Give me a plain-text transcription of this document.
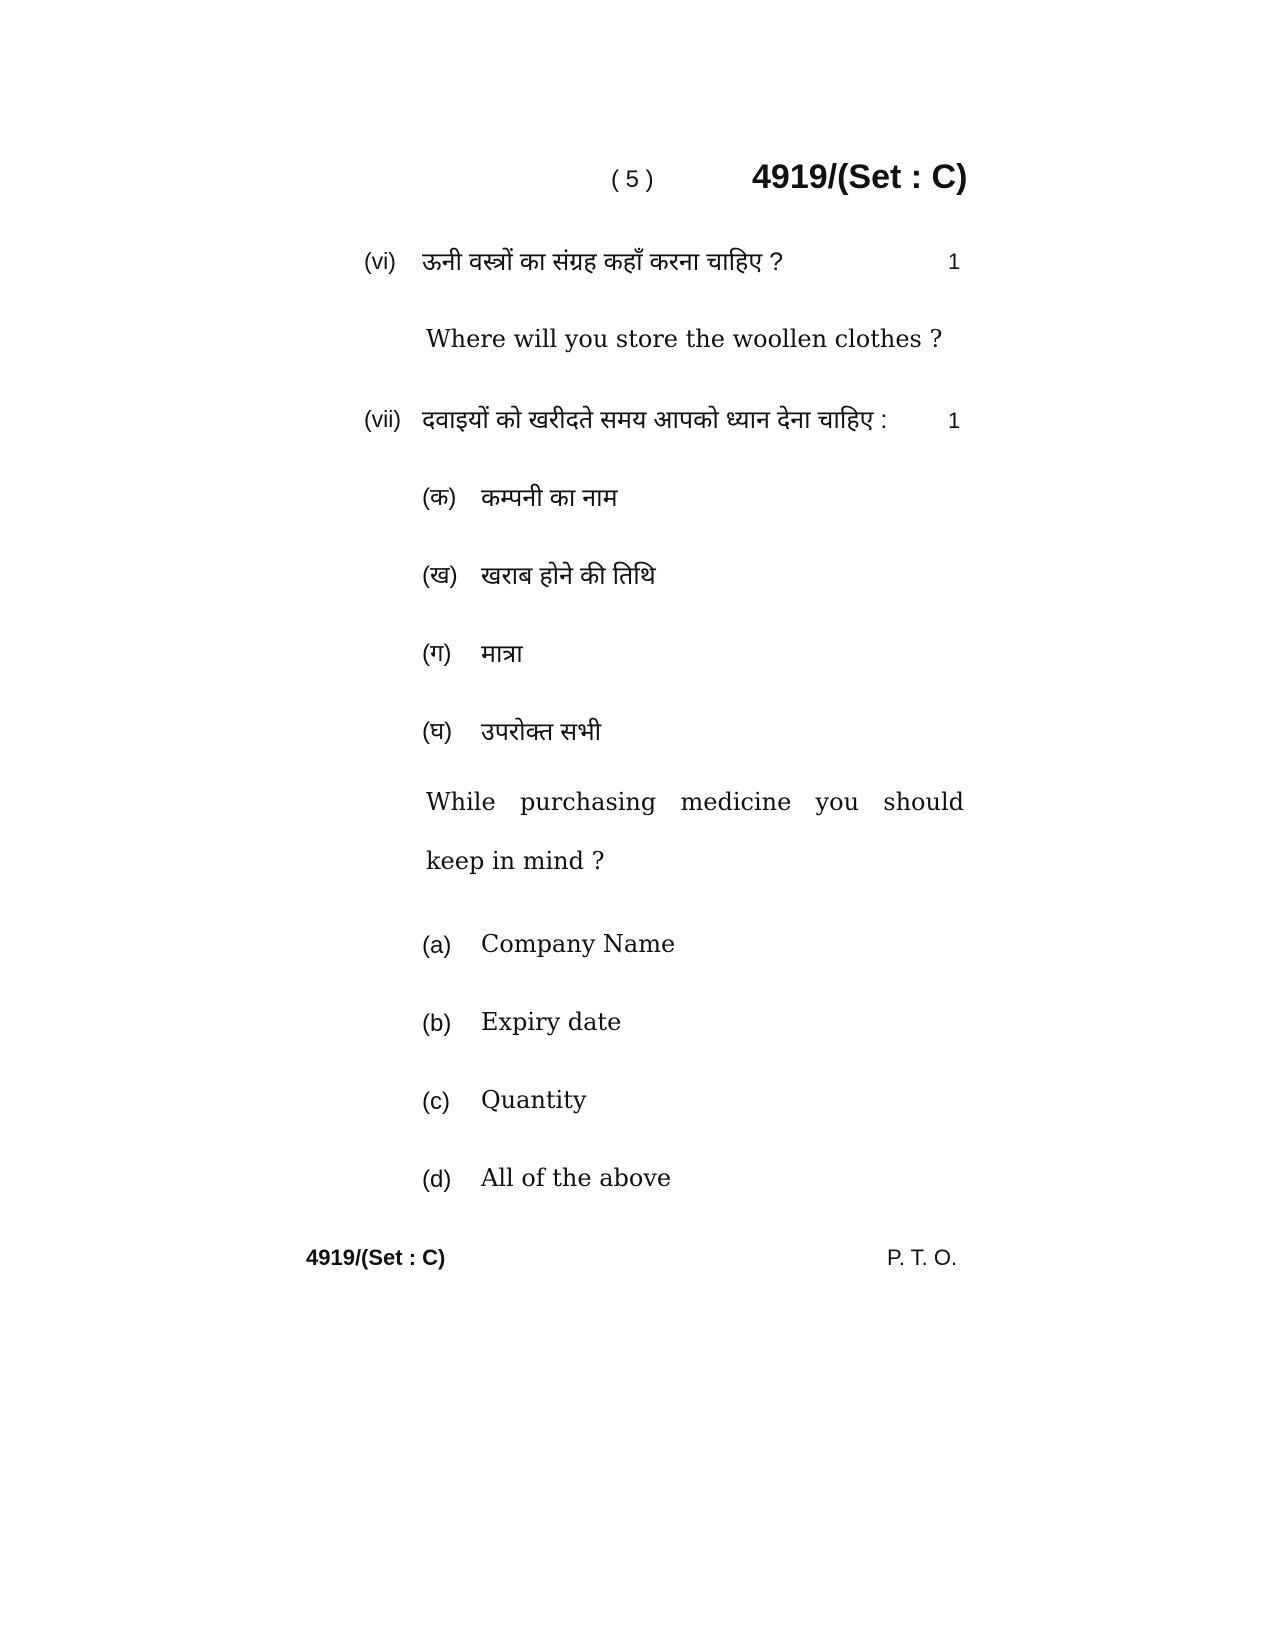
( 5 )	4919/(Set : C)
(vi) ऊनी वस्त्रों का संग्रह कहाँ करना चाहिए ?	1
Where will you store the woollen clothes ?
(vii) दवाइयों को खरीदते समय आपको ध्यान देना चाहिए :	1
(क) कम्पनी का नाम
(ख) खराब होने की तिथि
(ग) मात्रा
(घ) उपरोक्त सभी
While purchasing medicine you should
keep in mind ?
(a) Company Name
(b) Expiry date
(c) Quantity
(d) All of the above
4919/(Set : C)	P. T. O.
